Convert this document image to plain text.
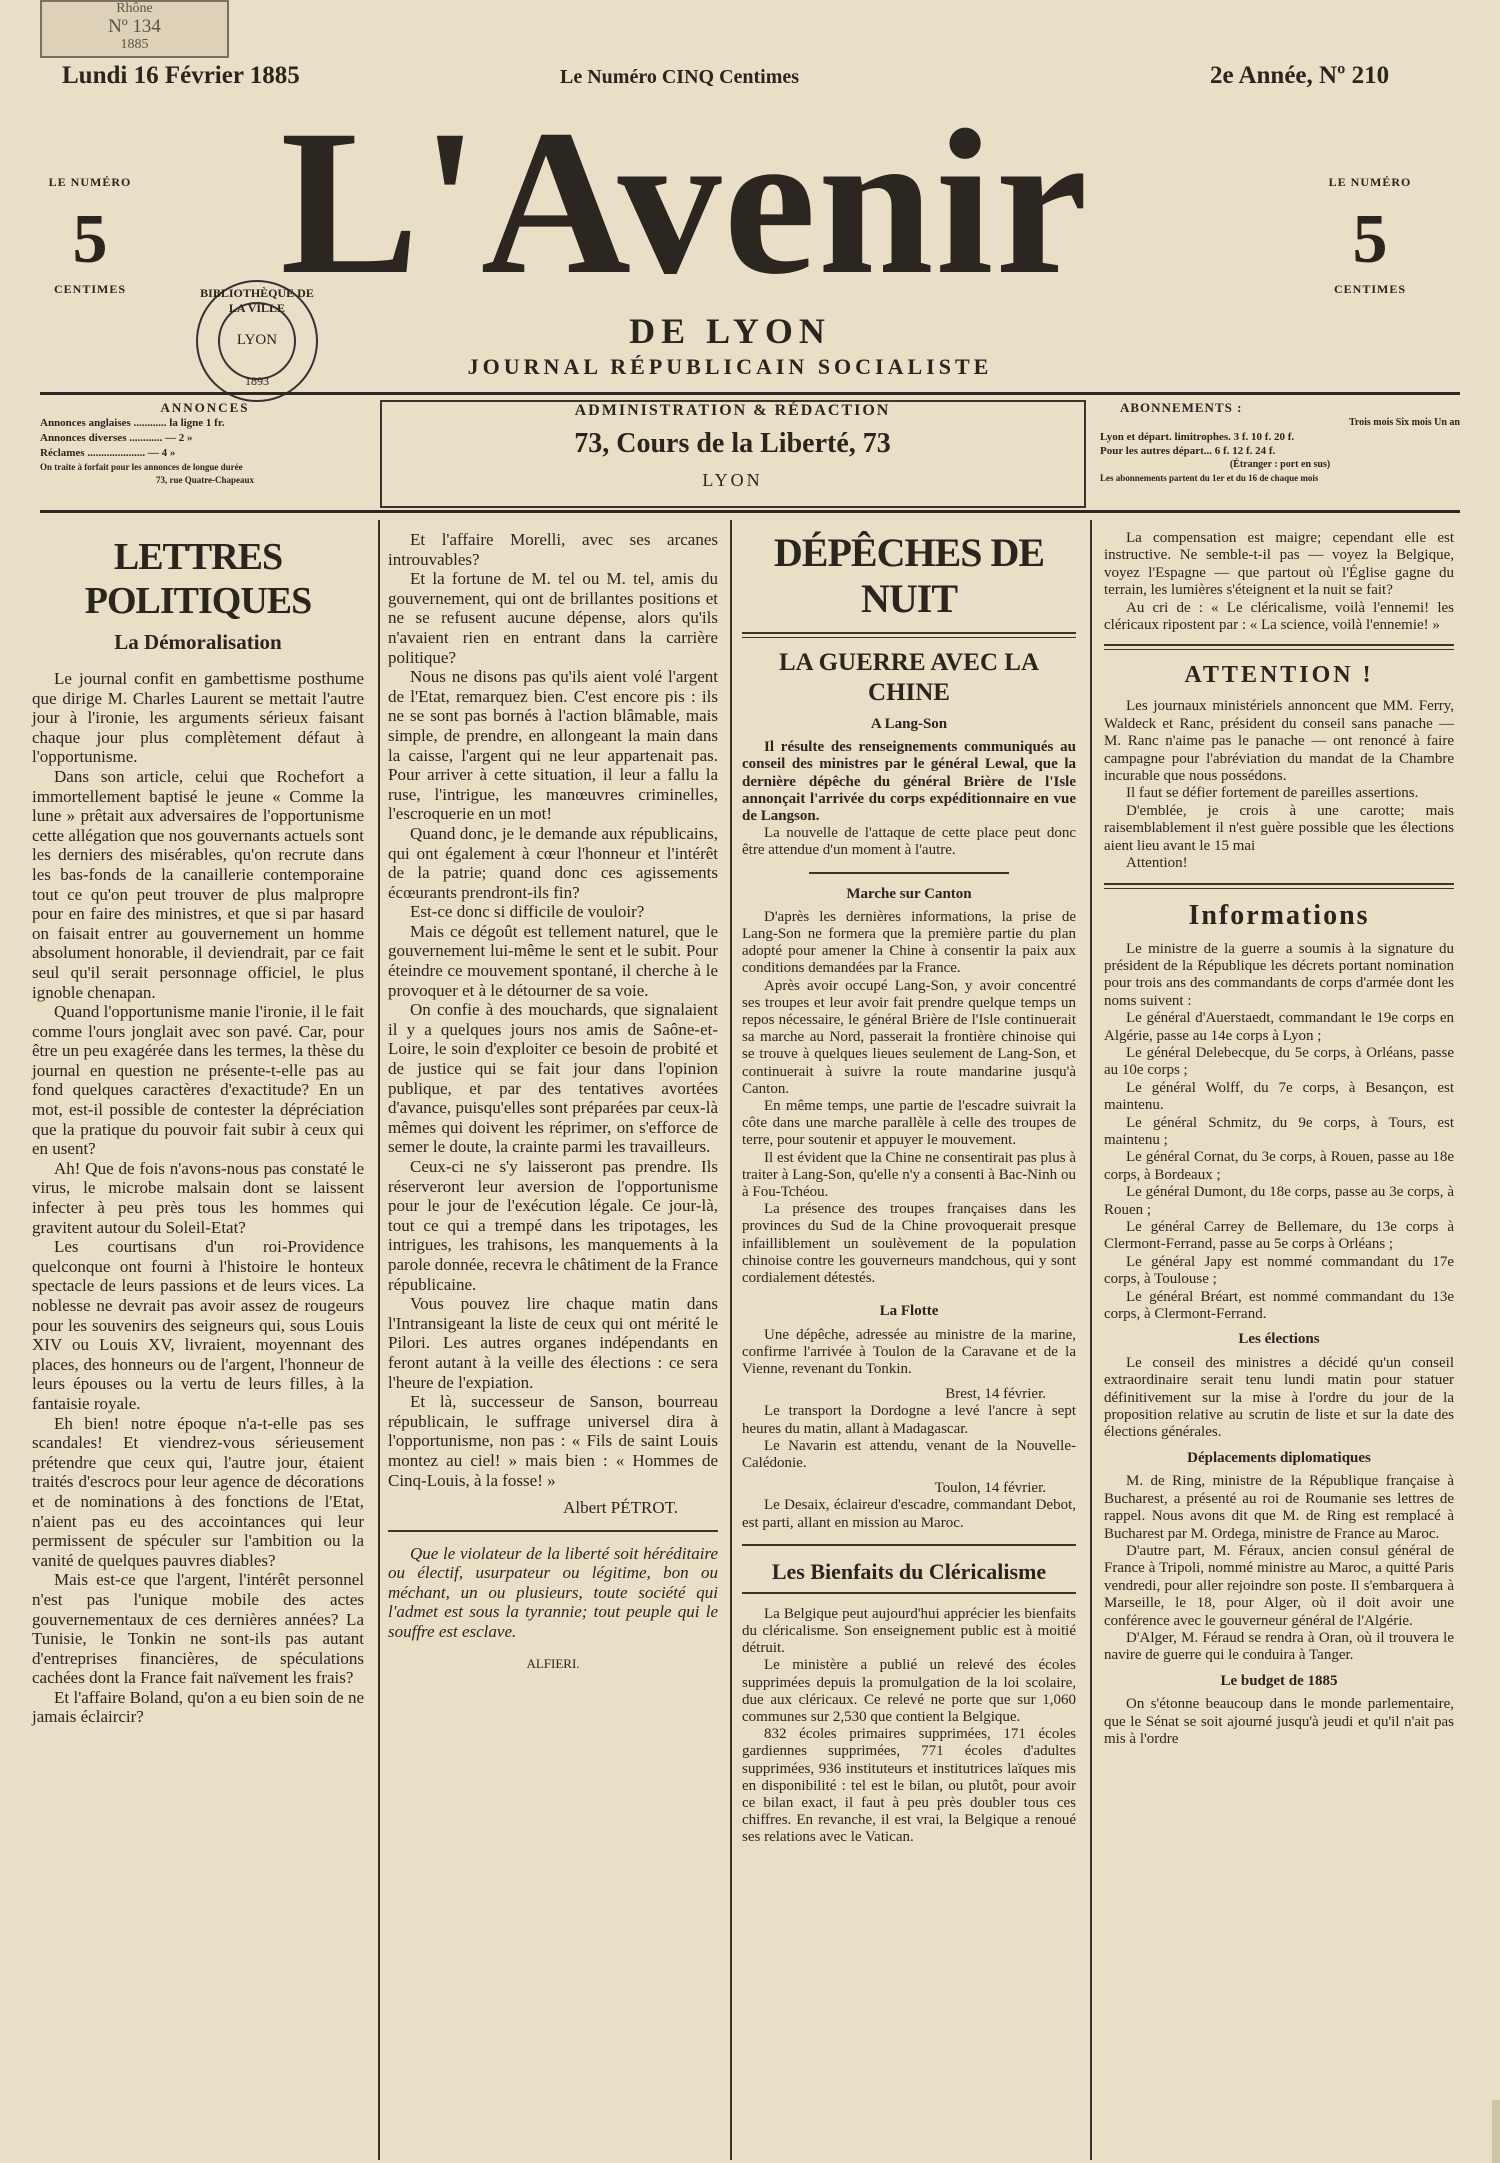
Rhône
Nº 134

1885
Lundi 16 Février 1885	Le Numéro CINQ Centimes	2e Année, Nº 210
LE NUMÉRO
5
CENTIMES
LE NUMÉRO
5
CENTIMES
L'Avenir
BIBLIOTHÈQUE DE LA VILLE
LYON
1893
DE LYON
JOURNAL RÉPUBLICAIN SOCIALISTE
ANNONCES
Annonces anglaises ............ la ligne 1 fr.
Annonces diverses ............ — 2 »
Réclames ..................... — 4 »
On traite à forfait pour les annonces de longue durée
73, rue Quatre-Chapeaux
ADMINISTRATION & RÉDACTION
73, Cours de la Liberté, 73
LYON
ABONNEMENTS :
Trois mois Six mois Un an
Lyon et départ. limitrophes. 3 f. 10 f. 20 f.
Pour les autres départ... 6 f. 12 f. 24 f.
(Étranger : port en sus)
Les abonnements partent du 1er et du 16 de chaque mois
LETTRES POLITIQUES
La Démoralisation

Le journal confit en gambettisme posthume que dirige M. Charles Laurent se mettait l'autre jour à l'ironie, les arguments sérieux faisant chaque jour plus complètement défaut à l'opportunisme.

Dans son article, celui que Rochefort a immortellement baptisé le jeune « Comme la lune » prêtait aux adversaires de l'opportunisme cette allégation que nos gouvernants actuels sont les derniers des misérables, qu'on recrute dans les bas-fonds de la canaillerie contemporaine tout ce qu'on peut trouver de plus malpropre pour en faire des ministres, et que si par hasard on faisait entrer au gouvernement un homme absolument honorable, il deviendrait, par ce fait seul qu'il serait personnage officiel, le plus ignoble chenapan.

Quand l'opportunisme manie l'ironie, il le fait comme l'ours jonglait avec son pavé. Car, pour être un peu exagérée dans les termes, la thèse du journal en question ne présente-t-elle pas au fond quelques caractères d'exactitude? En un mot, est-il possible de contester la dépréciation que la pratique du pouvoir fait subir à ceux qui en usent?

Ah! Que de fois n'avons-nous pas constaté le virus, le microbe malsain dont se laissent infecter à peu près tous les hommes qui gravitent autour du Soleil-Etat?

Les courtisans d'un roi-Providence quelconque ont fourni à l'histoire le honteux spectacle de leurs passions et de leurs vices. La noblesse ne devrait pas avoir assez de rougeurs pour les souvenirs des seigneurs qui, sous Louis XIV ou Louis XV, livraient, moyennant des places, des honneurs ou de l'argent, l'honneur de leurs épouses ou la vertu de leurs filles, à la fantaisie royale.

Eh bien! notre époque n'a-t-elle pas ses scandales! Et viendrez-vous sérieusement prétendre que ceux qui, l'autre jour, étaient traités d'escrocs pour leur agence de décorations et de nominations à des fonctions de l'Etat, n'aient pas eu des accointances qui leur permissent de spéculer sur l'ambition ou la vanité de quelques pauvres diables?

Mais est-ce que l'argent, l'intérêt personnel n'est pas l'unique mobile des actes gouvernementaux de ces dernières années? La Tunisie, le Tonkin ne sont-ils pas autant d'entreprises financières, de spéculations cachées dont la France fait naïvement les frais?

Et l'affaire Boland, qu'on a eu bien soin de ne jamais éclaircir?

Et l'affaire Morelli, avec ses arcanes introuvables?

Et la fortune de M. tel ou M. tel, amis du gouvernement, qui ont de brillantes positions et ne se refusent aucune dépense, alors qu'ils n'avaient rien en entrant dans la carrière politique?

Nous ne disons pas qu'ils aient volé l'argent de l'Etat, remarquez bien. C'est encore pis : ils ne se sont pas bornés à l'action blâmable, mais simple, de prendre, en allongeant la main dans la caisse, l'argent qui ne leur appartenait pas. Pour arriver à cette situation, il leur a fallu la ruse, l'intrigue, les manœuvres criminelles, l'escroquerie en un mot!

Quand donc, je le demande aux républicains, qui ont également à cœur l'honneur et l'intérêt de la patrie; quand donc ces agissements écœurants prendront-ils fin?

Est-ce donc si difficile de vouloir?

Mais ce dégoût est tellement naturel, que le gouvernement lui-même le sent et le subit. Pour éteindre ce mouvement spontané, il cherche à le provoquer et à le détourner de sa voie.

On confie à des mouchards, que signalaient il y a quelques jours nos amis de Saône-et-Loire, le soin d'exploiter ce besoin de probité et de justice qui se fait jour dans l'opinion publique, et par des tentatives avortées d'avance, puisqu'elles sont préparées par ceux-là mêmes qui doivent les réprimer, on s'efforce de semer le doute, la crainte parmi les travailleurs.

Ceux-ci ne s'y laisseront pas prendre. Ils réserveront leur aversion de l'opportunisme pour le jour de l'exécution légale. Ce jour-là, tout ce qui a trempé dans les tripotages, les intrigues, les trahisons, les manquements à la parole donnée, recevra le châtiment de la France républicaine.

Vous pouvez lire chaque matin dans l'Intransigeant la liste de ceux qui ont mérité le Pilori. Les autres organes indépendants en feront autant à la veille des élections : ce sera l'heure de l'expiation.

Et là, successeur de Sanson, bourreau républicain, le suffrage universel dira à l'opportunisme, non pas : « Fils de saint Louis montez au ciel! » mais bien : « Hommes de Cinq-Louis, à la fosse! »

Albert PÉTROT.

Que le violateur de la liberté soit héréditaire ou électif, usurpateur ou légitime, bon ou méchant, un ou plusieurs, toute société qui l'admet est sous la tyrannie; tout peuple qui le souffre est esclave.

ALFIERI.
DÉPÊCHES DE NUIT
LA GUERRE AVEC LA CHINE
A Lang-Son

Il résulte des renseignements communiqués au conseil des ministres par le général Lewal, que la dernière dépêche du général Brière de l'Isle annonçait l'arrivée du corps expéditionnaire en vue de Langson.

La nouvelle de l'attaque de cette place peut donc être attendue d'un moment à l'autre.

Marche sur Canton

D'après les dernières informations, la prise de Lang-Son ne formera que la première partie du plan adopté pour amener la Chine à consentir la paix aux conditions demandées par la France.

Après avoir occupé Lang-Son, y avoir concentré ses troupes et leur avoir fait prendre quelque temps un repos nécessaire, le général Brière de l'Isle continuerait sa marche au Nord, passerait la frontière chinoise qui se trouve à quelques lieues seulement de Lang-Son, et continuerait à suivre la route mandarine jusqu'à Canton.

En même temps, une partie de l'escadre suivrait la côte dans une marche parallèle à celle des troupes de terre, pour soutenir et appuyer le mouvement.

Il est évident que la Chine ne consentirait pas plus à traiter à Lang-Son, qu'elle n'y a consenti à Bac-Ninh ou à Fou-Tchéou.

La présence des troupes françaises dans les provinces du Sud de la Chine provoquerait presque infailliblement un soulèvement de la population chinoise contre les gouverneurs mandchous, qui y sont cordialement détestés.

La Flotte

Une dépêche, adressée au ministre de la marine, confirme l'arrivée à Toulon de la Caravane et de la Vienne, revenant du Tonkin.

Brest, 14 février.

Le transport la Dordogne a levé l'ancre à sept heures du matin, allant à Madagascar.

Le Navarin est attendu, venant de la Nouvelle-Calédonie.

Toulon, 14 février.

Le Desaix, éclaireur d'escadre, commandant Debot, est parti, allant en mission au Maroc.

Les Bienfaits du Cléricalisme

La Belgique peut aujourd'hui apprécier les bienfaits du cléricalisme. Son enseignement public est à moitié détruit.

Le ministère a publié un relevé des écoles supprimées depuis la promulgation de la loi scolaire, due aux cléricaux. Ce relevé ne porte que sur 1,060 communes sur 2,530 que contient la Belgique.

832 écoles primaires supprimées, 171 écoles gardiennes supprimées, 771 écoles d'adultes supprimées, 936 instituteurs et institutrices laïques mis en disponibilité : tel est le bilan, ou plutôt, pour avoir ce bilan exact, il faut à peu près doubler tous ces chiffres. En revanche, il est vrai, la Belgique a renoué ses relations avec le Vatican.

La compensation est maigre; cependant elle est instructive. Ne semble-t-il pas — voyez la Belgique, voyez l'Espagne — que partout où l'Église gagne du terrain, les lumières s'éteignent et la nuit se fait?

Au cri de : « Le cléricalisme, voilà l'ennemi! les cléricaux ripostent par : « La science, voilà l'ennemie! »

ATTENTION !

Les journaux ministériels annoncent que MM. Ferry, Waldeck et Ranc, président du conseil sans panache — M. Ranc n'aime pas le panache — ont renoncé à faire campagne pour l'abréviation du mandat de la Chambre incurable que nous possédons.

Il faut se défier fortement de pareilles assertions.

D'emblée, je crois à une carotte; mais raisemblablement il n'est guère possible que les élections aient lieu avant le 15 mai

Attention!

Informations

Le ministre de la guerre a soumis à la signature du président de la République les décrets portant nomination pour trois ans des commandants de corps d'armée dont les noms suivent :

Le général d'Auerstaedt, commandant le 19e corps en Algérie, passe au 14e corps à Lyon ;

Le général Delebecque, du 5e corps, à Orléans, passe au 10e corps ;

Le général Wolff, du 7e corps, à Besançon, est maintenu.

Le général Schmitz, du 9e corps, à Tours, est maintenu ;

Le général Cornat, du 3e corps, à Rouen, passe au 18e corps, à Bordeaux ;

Le général Dumont, du 18e corps, passe au 3e corps, à Rouen ;

Le général Carrey de Bellemare, du 13e corps à Clermont-Ferrand, passe au 5e corps à Orléans ;

Le général Japy est nommé commandant du 17e corps, à Toulouse ;

Le général Bréart, est nommé commandant du 13e corps, à Clermont-Ferrand.

Les élections

Le conseil des ministres a décidé qu'un conseil extraordinaire serait tenu lundi matin pour statuer définitivement sur la mise à l'ordre du jour de la proposition relative au scrutin de liste et sur la date des élections générales.

Déplacements diplomatiques

M. de Ring, ministre de la République française à Bucharest, a présenté au roi de Roumanie ses lettres de rappel. Nous avons dit que M. de Ring est remplacé à Bucharest par M. Ordega, ministre de France au Maroc.

D'autre part, M. Féraux, ancien consul général de France à Tripoli, nommé ministre au Maroc, a quitté Paris vendredi, pour aller rejoindre son poste. Il s'embarquera à Marseille, le 18, pour Alger, où il doit avoir une conférence avec le gouverneur général de l'Algérie.

D'Alger, M. Féraud se rendra à Oran, où il trouvera le navire de guerre qui le conduira à Tanger.

Le budget de 1885

On s'étonne beaucoup dans le monde parlementaire, que le Sénat se soit ajourné jusqu'à jeudi et qu'il n'ait pas mis à l'ordre
